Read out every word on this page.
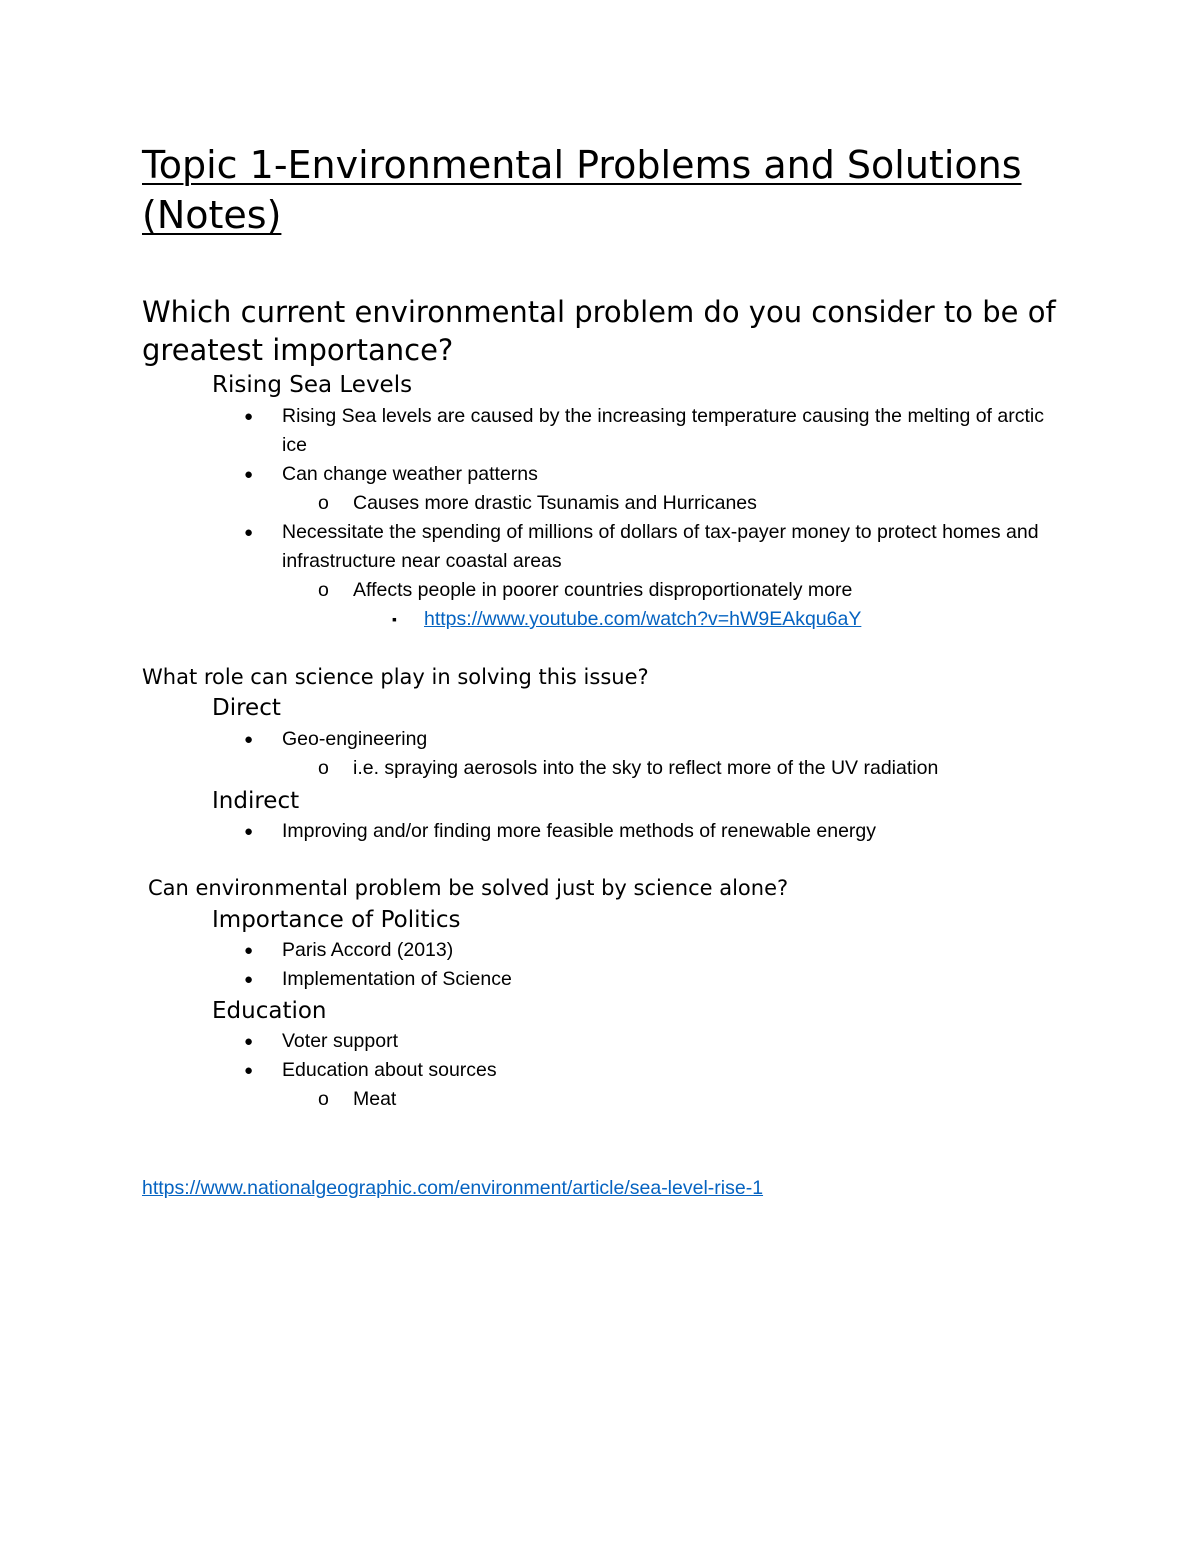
Topic 1-Environmental Problems and Solutions (Notes)

Which current environmental problem do you consider to be of greatest importance?

Rising Sea Levels

● Rising Sea levels are caused by the increasing temperature causing the melting of arctic ice
● Can change weather patterns
o Causes more drastic Tsunamis and Hurricanes
● Necessitate the spending of millions of dollars of tax-payer money to protect homes and infrastructure near coastal areas
o Affects people in poorer countries disproportionately more
▪ https://www.youtube.com/watch?v=hW9EAkqu6aY

What role can science play in solving this issue?

Direct

● Geo-engineering
o i.e. spraying aerosols into the sky to reflect more of the UV radiation

Indirect

● Improving and/or finding more feasible methods of renewable energy

Can environmental problem be solved just by science alone?

Importance of Politics

● Paris Accord (2013)
● Implementation of Science

Education

● Voter support
● Education about sources
o Meat
https://www.nationalgeographic.com/environment/article/sea-level-rise-1
